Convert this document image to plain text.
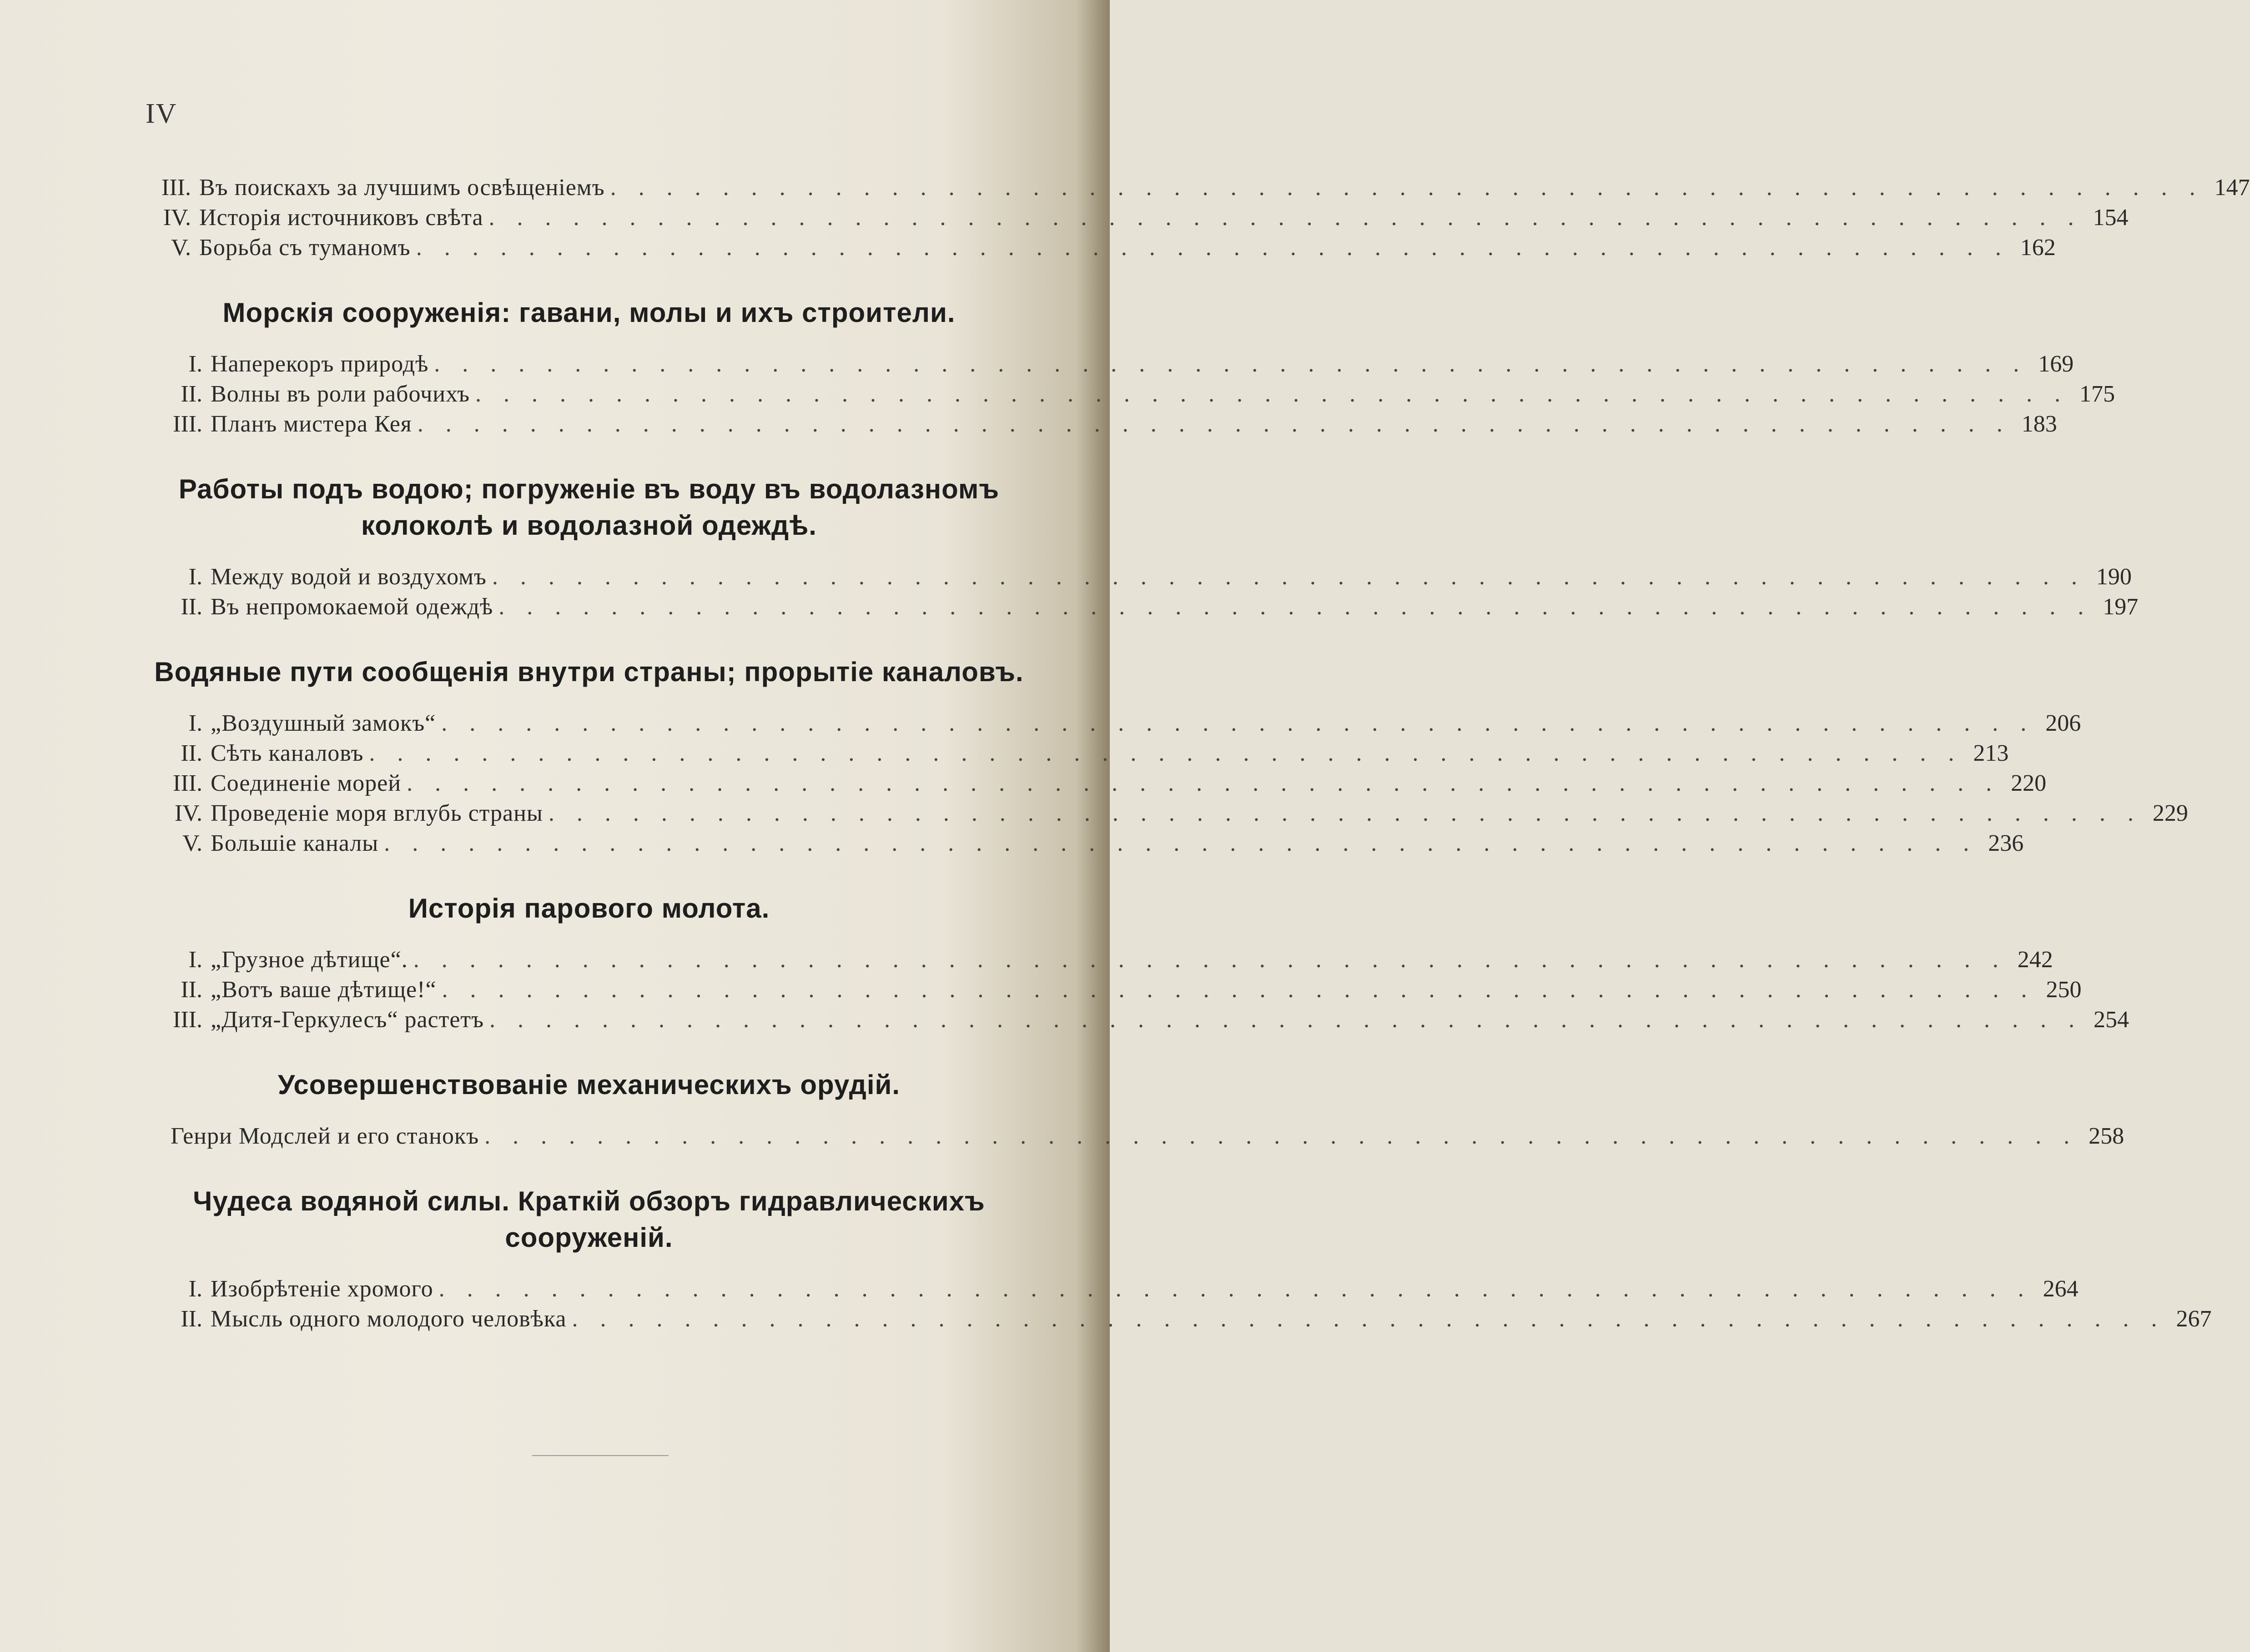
IV
III. Въ поискахъ за лучшимъ освѣщеніемъ . . . . . . . . . . . . . . . . . . . . . . . . . . . . . . . . . . . . . . . . . . . . . . . . . . . . . . . . . 147
IV. Исторія источниковъ свѣта . . . . . . . . . . . . . . . . . . . . . . . . . . . . . . . . . . . . . . . . . . . . . . . . . . . . . . . . . 154
V. Борьба съ туманомъ . . . . . . . . . . . . . . . . . . . . . . . . . . . . . . . . . . . . . . . . . . . . . . . . . . . . . . . . . 162
Морскія сооруженія: гавани, молы и ихъ строители.
I. Наперекоръ природѣ . . . . . . . . . . . . . . . . . . . . . . . . . . . . . . . . . . . . . . . . . . . . . . . . . . . . . . . . . 169
II. Волны въ роли рабочихъ . . . . . . . . . . . . . . . . . . . . . . . . . . . . . . . . . . . . . . . . . . . . . . . . . . . . . . . . . 175
III. Планъ мистера Кея . . . . . . . . . . . . . . . . . . . . . . . . . . . . . . . . . . . . . . . . . . . . . . . . . . . . . . . . . 183
Работы подъ водою; погруженіе въ воду въ водолазномъ колоколѣ и водолазной одеждѣ.
I. Между водой и воздухомъ . . . . . . . . . . . . . . . . . . . . . . . . . . . . . . . . . . . . . . . . . . . . . . . . . . . . . . . . . 190
II. Въ непромокаемой одеждѣ . . . . . . . . . . . . . . . . . . . . . . . . . . . . . . . . . . . . . . . . . . . . . . . . . . . . . . . . . 197
Водяные пути сообщенія внутри страны; прорытіе каналовъ.
I. „Воздушный замокъ“ . . . . . . . . . . . . . . . . . . . . . . . . . . . . . . . . . . . . . . . . . . . . . . . . . . . . . . . . . 206
II. Сѣть каналовъ . . . . . . . . . . . . . . . . . . . . . . . . . . . . . . . . . . . . . . . . . . . . . . . . . . . . . . . . . 213
III. Соединеніе морей . . . . . . . . . . . . . . . . . . . . . . . . . . . . . . . . . . . . . . . . . . . . . . . . . . . . . . . . . 220
IV. Проведеніе моря вглубь страны . . . . . . . . . . . . . . . . . . . . . . . . . . . . . . . . . . . . . . . . . . . . . . . . . . . . . . . . . 229
V. Большіе каналы . . . . . . . . . . . . . . . . . . . . . . . . . . . . . . . . . . . . . . . . . . . . . . . . . . . . . . . . . 236
Исторія парового молота.
I. „Грузное дѣтище“. . . . . . . . . . . . . . . . . . . . . . . . . . . . . . . . . . . . . . . . . . . . . . . . . . . . . . . . . . 242
II. „Вотъ ваше дѣтище!“ . . . . . . . . . . . . . . . . . . . . . . . . . . . . . . . . . . . . . . . . . . . . . . . . . . . . . . . . . 250
III. „Дитя-Геркулесъ“ растетъ . . . . . . . . . . . . . . . . . . . . . . . . . . . . . . . . . . . . . . . . . . . . . . . . . . . . . . . . . 254
Усовершенствованіе механическихъ орудій.
Генри Модслей и его станокъ . . . . . . . . . . . . . . . . . . . . . . . . . . . . . . . . . . . . . . . . . . . . . . . . . . . . . . . . . 258
Чудеса водяной силы. Краткій обзоръ гидравлическихъ сооруженій.
I. Изобрѣтеніе хромого . . . . . . . . . . . . . . . . . . . . . . . . . . . . . . . . . . . . . . . . . . . . . . . . . . . . . . . . . 264
II. Мысль одного молодого человѣка . . . . . . . . . . . . . . . . . . . . . . . . . . . . . . . . . . . . . . . . . . . . . . . . . . . . . . . . . 267
